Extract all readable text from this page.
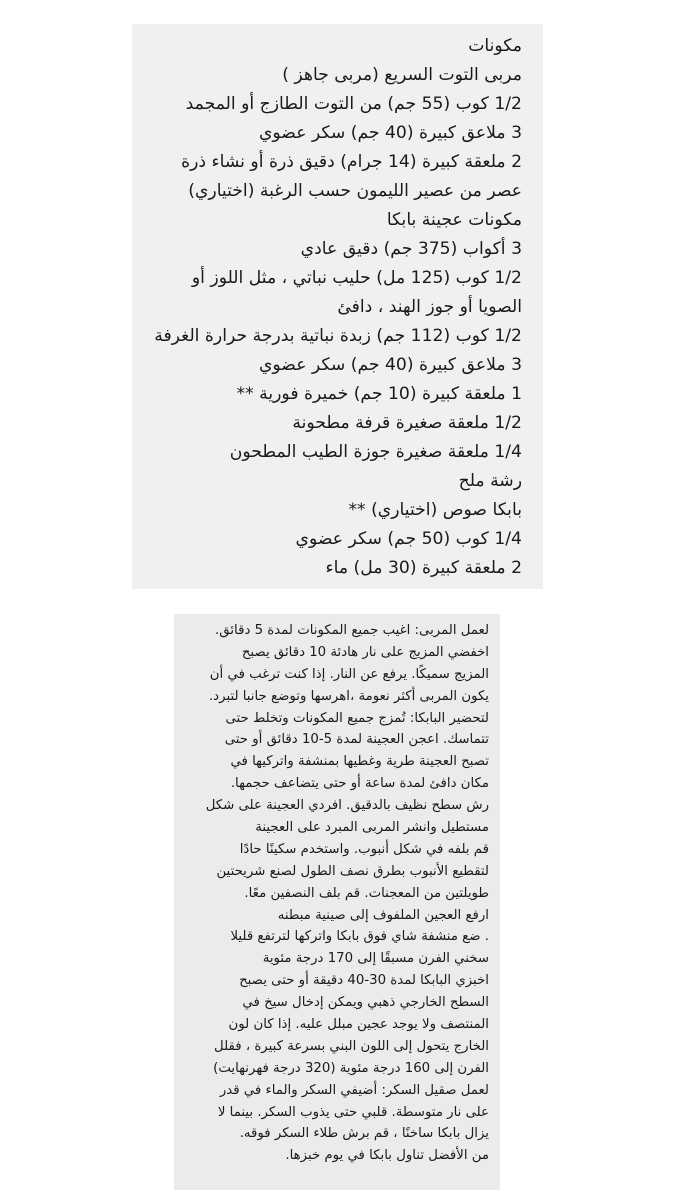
مكونات
مربى التوت السريع (مربى جاهز )
1/2 كوب (55 جم) من التوت الطازج أو المجمد
3 ملاعق كبيرة (40 جم) سكر عضوي
2 ملعقة كبيرة (14 جرام) دقيق ذرة أو نشاء ذرة
عصر من عصير الليمون حسب الرغبة (اختياري)
مكونات عجينة بابكا
3 أكواب (375 جم) دقيق عادي
1/2 كوب (125 مل) حليب نباتي ، مثل اللوز أو
الصويا أو جوز الهند ، دافئ
1/2 كوب (112 جم) زبدة نباتية بدرجة حرارة الغرفة
3 ملاعق كبيرة (40 جم) سكر عضوي
1 ملعقة كبيرة (10 جم) خميرة فورية **
1/2 ملعقة صغيرة قرفة مطحونة
1/4 ملعقة صغيرة جوزة الطيب المطحون
رشة ملح
بابكا صوص (اختياري) **
1/4 كوب (50 جم) سكر عضوي
2 ملعقة كبيرة (30 مل) ماء
لعمل المربى: اغيب جميع المكونات لمدة 5 دقائق.
اخفضي المزيج على نار هادئة 10 دقائق يصبح
المزيج سميكًا. يرفع عن النار. إذا كنت ترغب في أن
يكون المربى أكثر نعومة ،اهرسها وتوضع جانبا لتبرد.
لتحضير البابكا: تُمزج جميع المكونات وتخلط حتى
تتماسك. اعجن العجينة لمدة 5-10 دقائق أو حتى
تصبح العجينة طرية وغطيها بمنشفة واتركيها في
مكان دافئ لمدة ساعة أو حتى يتضاعف حجمها.
رش سطح نظيف بالدقيق. افردي العجينة على شكل
مستطيل وانشر المربى المبرد على العجينة
قم بلفه في شكل أنبوب. واستخدم سكينًا حادًا
لتقطيع الأنبوب بطرق نصف الطول لصنع شريحتين
طويلتين من المعجنات. قم بلف النصفين معًا.
ارفع العجين الملفوف إلى صينية مبطنه
. ضع منشفة شاي فوق بابكا واتركها لترتفع قليلا
سخني الفرن مسبقًا إلى 170 درجة مئوية
اخبزي البابكا لمدة 30-40 دقيقة أو حتى يصبح
السطح الخارجي ذهبي ويمكن إدخال سيخ في
المنتصف ولا يوجد عجين مبلل عليه. إذا كان لون
الخارج يتحول إلى اللون البني بسرعة كبيرة ، فقلل
الفرن إلى 160 درجة مئوية (320 درجة فهرنهايت)
لعمل صقيل السكر: أضيفي السكر والماء في قدر
على نار متوسطة. قلبي حتى يذوب السكر. بينما لا
يزال بابكا ساخنًا ، قم برش طلاء السكر فوقه.
من الأفضل تناول بابكا في يوم خبزها.
